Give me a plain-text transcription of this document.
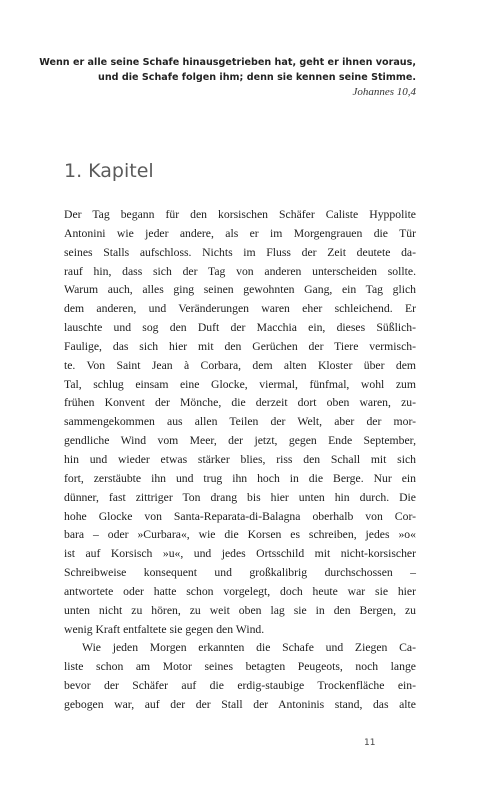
Wenn er alle seine Schafe hinausgetrieben hat, geht er ihnen voraus,
und die Schafe folgen ihm; denn sie kennen seine Stimme.
Johannes 10,4
1. Kapitel

Der Tag begann für den korsischen Schäfer Caliste Hyppolite
Antonini wie jeder andere, als er im Morgengrauen die Tür
seines Stalls aufschloss. Nichts im Fluss der Zeit deutete da-
rauf hin, dass sich der Tag von anderen unterscheiden sollte.
Warum auch, alles ging seinen gewohnten Gang, ein Tag glich
dem anderen, und Veränderungen waren eher schleichend. Er
lauschte und sog den Duft der Macchia ein, dieses Süßlich-
Faulige, das sich hier mit den Gerüchen der Tiere vermisch-
te. Von Saint Jean à Corbara, dem alten Kloster über dem
Tal, schlug einsam eine Glocke, viermal, fünfmal, wohl zum
frühen Konvent der Mönche, die derzeit dort oben waren, zu-
sammengekommen aus allen Teilen der Welt, aber der mor-
gendliche Wind vom Meer, der jetzt, gegen Ende September,
hin und wieder etwas stärker blies, riss den Schall mit sich
fort, zerstäubte ihn und trug ihn hoch in die Berge. Nur ein
dünner, fast zittriger Ton drang bis hier unten hin durch. Die
hohe Glocke von Santa-Reparata-di-Balagna oberhalb von Cor-
bara – oder »Curbara«, wie die Korsen es schreiben, jedes »o«
ist auf Korsisch »u«, und jedes Ortsschild mit nicht-korsischer
Schreibweise konsequent und großkalibrig durchschossen –
antwortete oder hatte schon vorgelegt, doch heute war sie hier
unten nicht zu hören, zu weit oben lag sie in den Bergen, zu
wenig Kraft entfaltete sie gegen den Wind.

Wie jeden Morgen erkannten die Schafe und Ziegen Ca-
liste schon am Motor seines betagten Peugeots, noch lange
bevor der Schäfer auf die erdig-staubige Trockenfläche ein-
gebogen war, auf der der Stall der Antoninis stand, das alte

11
